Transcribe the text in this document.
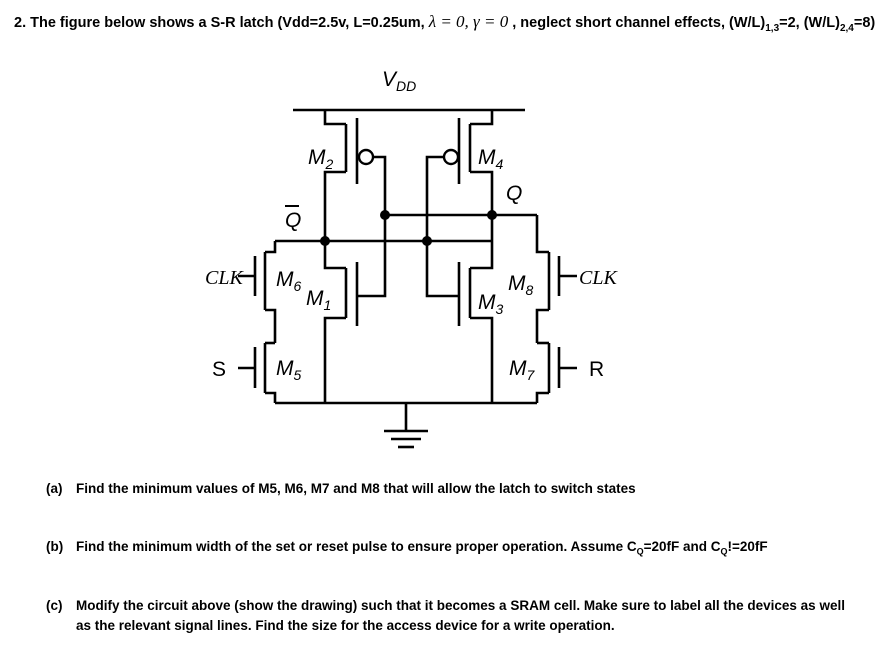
2. The figure below shows a S-R latch (Vdd=2.5v, L=0.25um, λ = 0, γ = 0 , neglect short channel effects, $(W/L)_{1,3}=2$, $(W/L)_{2,4}=8$)
$V_{DD}$
$M_2$	$M_4$
Q
Q
$M_1$	$M_3$
CLK $M_6$
S $M_5$
CLK
$M_8$
R
$M_7$
(a) Find the minimum values of M5, M6, M7 and M8 that will allow the latch to switch states
(b) Find the minimum width of the set or reset pulse to ensure proper operation. Assume $C_Q=20fF$ and $C_Q!=20fF$
(c) Modify the circuit above (show the drawing) such that it becomes a SRAM cell. Make sure to label all the devices as well
as the relevant signal lines. Find the size for the access device for a write operation.
